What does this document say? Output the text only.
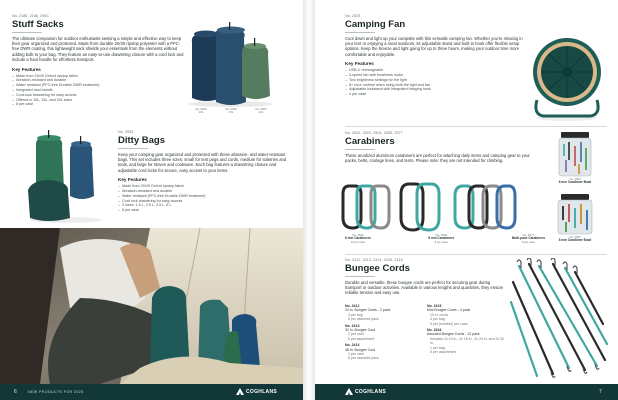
No. 2185, 2186, 2063
Stuff Sacks

The ultimate companion for outdoor enthusiasts seeking a simple and effective way to keep their gear organized and protected. Made from durable 20/40 ripstop polyester with a PFC-free DWR coating, this lightweight sack shields your essentials from the elements without adding bulk to your bag. They feature an easy-to-use drawstring closure with a cord lock and include a haul handle for effortless transport.

Key Features
– Made from 20/40 Oxford ripstop fabric
– Abrasion-resistant and durable
– Water resistant (PFC-free Durable DWR treatment)
– Integrated haul handle
– Cord-lock drawstring for easy access
– Offered in 10L, 15L, and 20L sizes
– 8 per case
No. 2185
10L
No. 2186
15L
No. 2063
20L
No. 2053
Ditty Bags

Keep your camping gear organized and protected with these abrasion- and water-resistant bags. This set includes three sizes: small for tent pegs and cords, medium for toiletries and tools, and large for stoves and cookware. Each bag features a drawstring closure and adjustable cord locks for secure, easy access to your items.

Key Features
– Made from 20/40 Oxford ripstop fabric
– Abrasion-resistant and durable
– Water resistant (PFC-free Durable DWR treatment)
– Cord lock drawstring for easy access
– 3 sizes: 1.5 L, 2.5 L, 3.5 L, 6 L
– 8 per case
6	NEW PRODUCTS FOR 2025	COGHLANS
No. 2025
Camping Fan

Cool down and light up your campsite with this versatile camping fan. Whether you're relaxing in your tent or enjoying a meal outdoors, its adjustable stand and built-in hook offer flexible setup options. Keep the breeze and light going for up to three hours, making your outdoor time more comfortable and enjoyable.

Key Features
– USB-C rechargeable
– 3-speed fan with brushless motor
– Two brightness settings for the light
– 8+ hour runtime when using both the light and fan
– Adjustable kickstand with integrated hanging hook
– 4 per case
No. 2502, 2503, 2504, 2505, 2577
Carabiners

These anodized aluminum carabiners are perfect for attaching daily items and camping gear to your packs, belts, coolage lines, and tents. Please note: they are not intended for climbing.

No. 2502
6 mm Carabiners
10 per case
No. 2503
8 mm Carabiners
8 per case
No. 2577
Multi-pack Carabiners
8 per case
No. 2504
6 mm Carabiner Bowl
No. 2505
8 mm Carabiner Bowl
No. 2412, 2413, 2414, 2415, 2416
Bungee Cords

Durable and versatile, these bungee cords are perfect for securing gear during transport or outdoor activities. Available in various lengths and quantities, they ensure reliable tension and easy use.

No. 2412
24 in. Bungee Cords - 2 pack
3 per bag
6 per assorted pack
No. 2413
32 in. Bungee Cord
2 per card
6 per assortment
No. 2414
48 in. Bungee Cord
1 per card
6 per assorted pack
No. 2415
Mini Bungee Cords - 4 pack
10 in. cords
4 per bag
6 per (number) per case
No. 2416
Assorted Bungee Cords - 12 pack
Includes 2x 10 in., 2x 18 in., 2x 24 in. and 2x 32 in.
1 per bag
6 per assortment
COGHLANS	7
